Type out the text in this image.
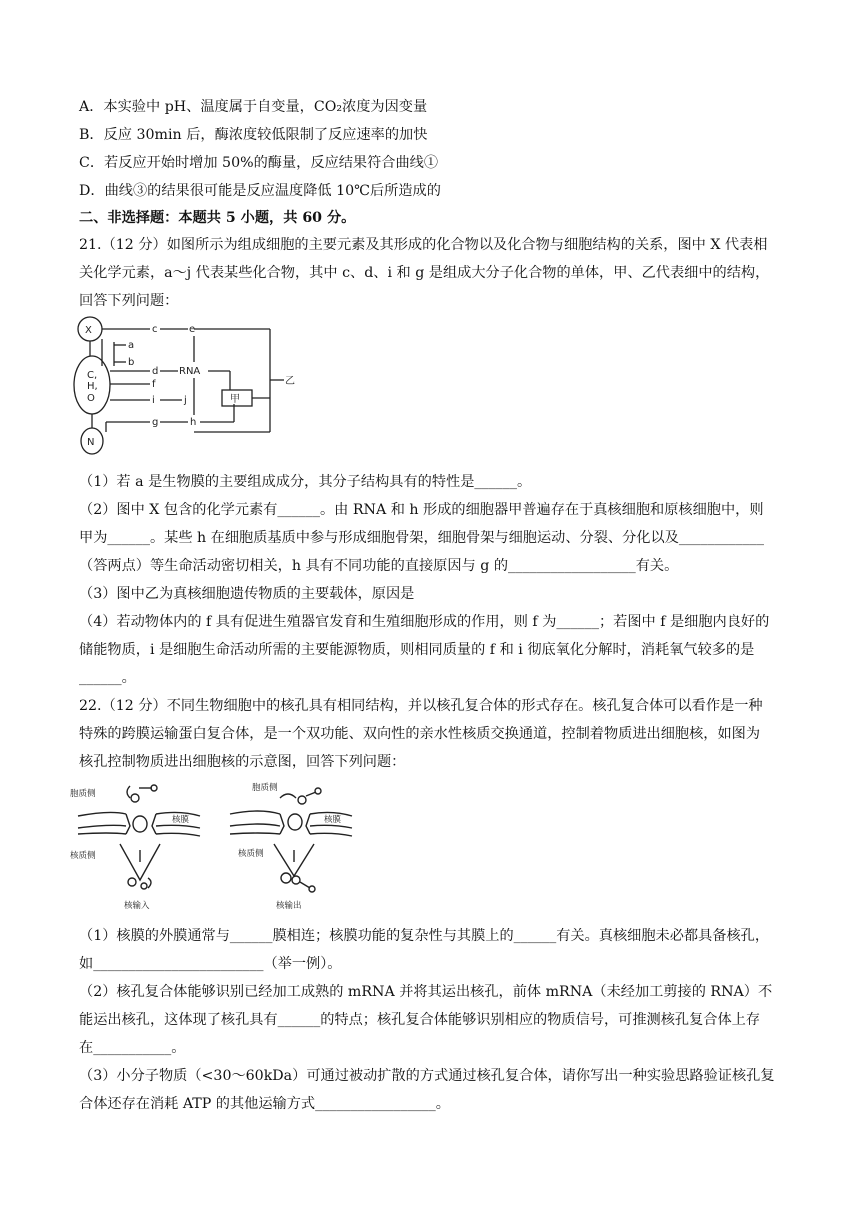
A．本实验中 pH、温度属于自变量，CO₂浓度为因变量
B．反应 30min 后，酶浓度较低限制了反应速率的加快
C．若反应开始时增加 50%的酶量，反应结果符合曲线①
D．曲线③的结果很可能是反应温度降低 10℃后所造成的
二、非选择题：本题共 5 小题，共 60 分。
21.（12 分）如图所示为组成细胞的主要元素及其形成的化合物以及化合物与细胞结构的关系，图中 X 代表相
关化学元素，a～j 代表某些化合物，其中 c、d、i 和 g 是组成大分子化合物的单体，甲、乙代表细中的结构，
回答下列问题：
X
C,
H,
O
N
a
b
c
d
e
f
i
g
j
h
RNA
甲
乙
（1）若 a 是生物膜的主要组成成分，其分子结构具有的特性是______。
（2）图中 X 包含的化学元素有______。由 RNA 和 h 形成的细胞器甲普遍存在于真核细胞和原核细胞中，则
甲为______。某些 h 在细胞质基质中参与形成细胞骨架，细胞骨架与细胞运动、分裂、分化以及____________
（答两点）等生命活动密切相关，h 具有不同功能的直接原因与 g 的__________________有关。
（3）图中乙为真核细胞遗传物质的主要载体，原因是
（4）若动物体内的 f 具有促进生殖器官发育和生殖细胞形成的作用，则 f 为______；若图中 f 是细胞内良好的
储能物质，i 是细胞生命活动所需的主要能源物质，则相同质量的 f 和 i 彻底氧化分解时，消耗氧气较多的是
______。
22.（12 分）不同生物细胞中的核孔具有相同结构，并以核孔复合体的形式存在。核孔复合体可以看作是一种
特殊的跨膜运输蛋白复合体，是一个双功能、双向性的亲水性核质交换通道，控制着物质进出细胞核，如图为
核孔控制物质进出细胞核的示意图，回答下列问题：
胞质侧
核膜
核质侧
核输入
胞质侧
核膜
核质侧
核输出
（1）核膜的外膜通常与______膜相连；核膜功能的复杂性与其膜上的______有关。真核细胞未必都具备核孔，
如________________________（举一例）。
（2）核孔复合体能够识别已经加工成熟的 mRNA 并将其运出核孔，前体 mRNA（未经加工剪接的 RNA）不
能运出核孔，这体现了核孔具有______的特点；核孔复合体能够识别相应的物质信号，可推测核孔复合体上存
在___________。
（3）小分子物质（<30～60kDa）可通过被动扩散的方式通过核孔复合体，请你写出一种实验思路验证核孔复
合体还存在消耗 ATP 的其他运输方式_________________。
